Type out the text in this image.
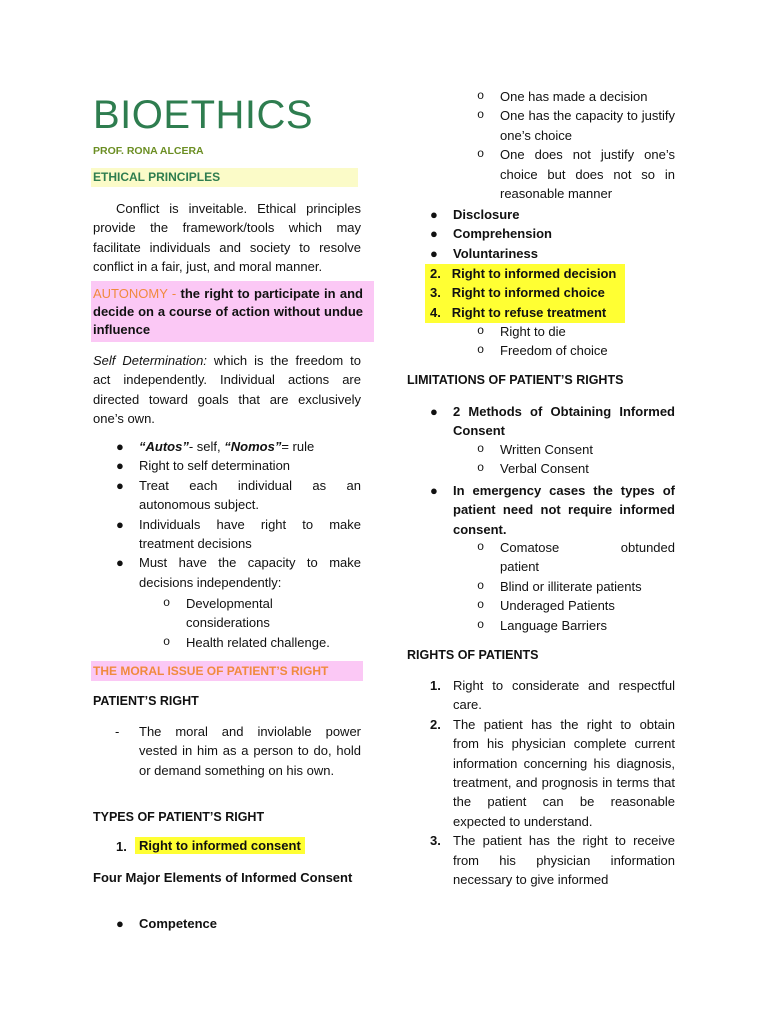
BIOETHICS
PROF. RONA ALCERA
ETHICAL PRINCIPLES
Conflict is inveitable. Ethical principles provide the framework/tools which may facilitate individuals and society to resolve conflict in a fair, just, and moral manner.
AUTONOMY - the right to participate in and decide on a course of action without undue influence
Self Determination: which is the freedom to act independently. Individual actions are directed toward goals that are exclusively one’s own.
● “Autos”- self, “Nomos”= rule
● Right to self determination
● Treat each individual as an autonomous subject.
● Individuals have right to make treatment decisions
● Must have the capacity to make decisions independently:
o Developmental considerations
o Health related challenge.
THE MORAL ISSUE OF PATIENT’S RIGHT
PATIENT’S RIGHT
- The moral and inviolable power vested in him as a person to do, hold or demand something on his own.
TYPES OF PATIENT’S RIGHT
1. Right to informed consent
Four Major Elements of Informed Consent
● Competence
o One has made a decision
o One has the capacity to justify one’s choice
o One does not justify one’s choice but does not so in reasonable manner
● Disclosure
● Comprehension
● Voluntariness
2. Right to informed decision
3. Right to informed choice
4. Right to refuse treatment
o Right to die
o Freedom of choice
LIMITATIONS OF PATIENT’S RIGHTS
● 2 Methods of Obtaining Informed Consent
o Written Consent
o Verbal Consent
● In emergency cases the types of patient need not require informed consent.
o Comatose obtunded patient
o Blind or illiterate patients
o Underaged Patients
o Language Barriers
RIGHTS OF PATIENTS
1. Right to considerate and respectful care.
2. The patient has the right to obtain from his physician complete current information concerning his diagnosis, treatment, and prognosis in terms that the patient can be reasonable expected to understand.
3. The patient has the right to receive from his physician information necessary to give informed
